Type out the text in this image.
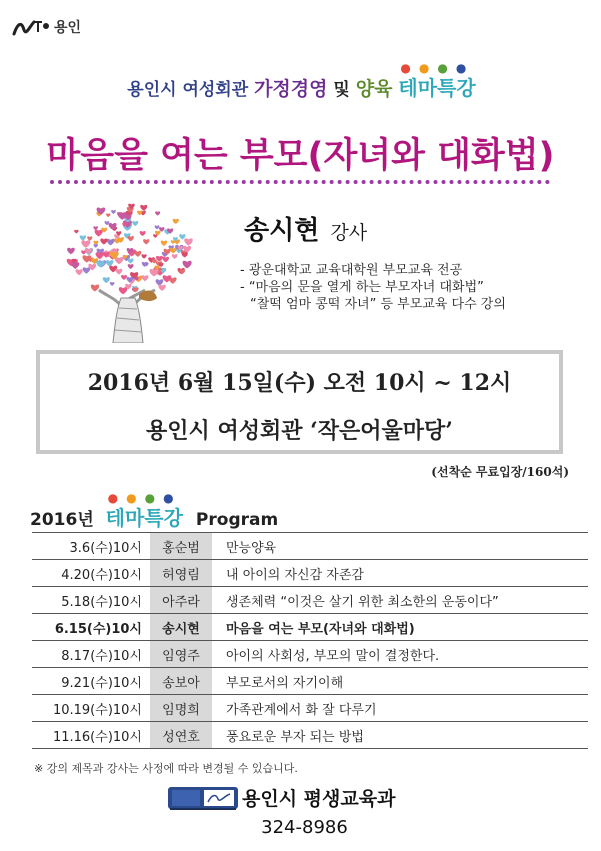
용인
용인시 여성회관 가정경영 및 양육
●●●●
테마특강
마음을 여는 부모(자녀와 대화법)
송시현 강사
- 광운대학교 교육대학원 부모교육 전공
- “마음의 문을 열게 하는 부모자녀 대화법”
“찰떡 엄마 콩떡 자녀” 등 부모교육 다수 강의
2016년 6월 15일(수) 오전 10시 ~ 12시
용인시 여성회관 ‘작은어울마당’
(선착순 무료입장/160석)
2016년
●●●●
테마특강 Program
3.6(수)10시	홍순범	만능양육
4.20(수)10시	허영림	내 아이의 자신감 자존감
5.18(수)10시	아주라	생존체력 “이것은 살기 위한 최소한의 운동이다”
6.15(수)10시	송시현	마음을 여는 부모(자녀와 대화법)
8.17(수)10시	임영주	아이의 사회성, 부모의 말이 결정한다.
9.21(수)10시	송보아	부모로서의 자기이해
10.19(수)10시	임명희	가족관계에서 화 잘 다루기
11.16(수)10시	성연호	풍요로운 부자 되는 방법
※ 강의 제목과 강사는 사정에 따라 변경될 수 있습니다.
용인시 평생교육과
324-8986
